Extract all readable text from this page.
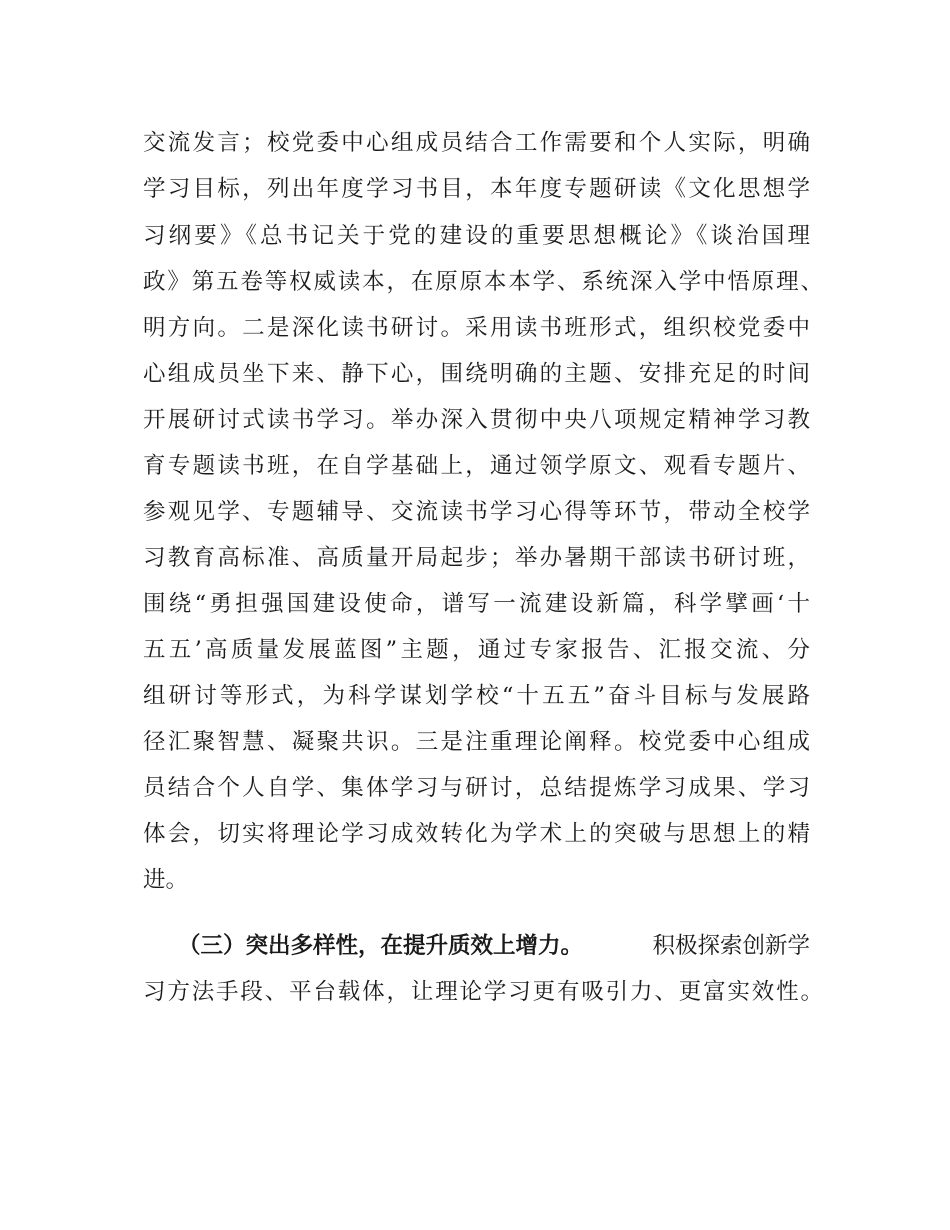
交流发言；校党委中心组成员结合工作需要和个人实际，明确
学习目标，列出年度学习书目，本年度专题研读《文化思想学
习纲要》《总书记关于党的建设的重要思想概论》《谈治国理
政》第五卷等权威读本，在原原本本学、系统深入学中悟原理、
明方向。二是深化读书研讨。采用读书班形式，组织校党委中
心组成员坐下来、静下心，围绕明确的主题、安排充足的时间
开展研讨式读书学习。举办深入贯彻中央八项规定精神学习教
育专题读书班，在自学基础上，通过领学原文、观看专题片、
参观见学、专题辅导、交流读书学习心得等环节，带动全校学
习教育高标准、高质量开局起步；举办暑期干部读书研讨班，
围绕“勇担强国建设使命，谱写一流建设新篇，科学擘画‘十
五五’高质量发展蓝图”主题，通过专家报告、汇报交流、分
组研讨等形式，为科学谋划学校“十五五”奋斗目标与发展路
径汇聚智慧、凝聚共识。三是注重理论阐释。校党委中心组成
员结合个人自学、集体学习与研讨，总结提炼学习成果、学习
体会，切实将理论学习成效转化为学术上的突破与思想上的精
进。
（三）突出多样性，在提升质效上增力。	积极探索创新学
习方法手段、平台载体，让理论学习更有吸引力、更富实效性。
